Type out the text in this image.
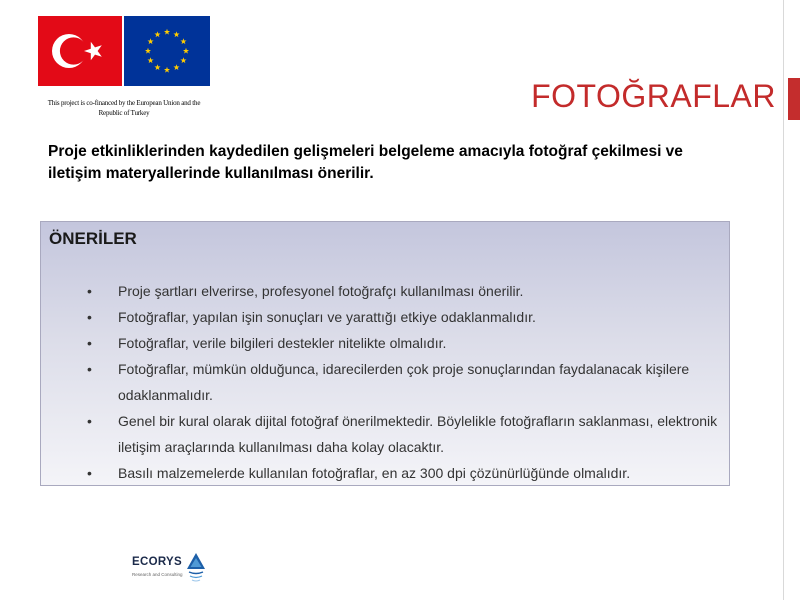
This project is co-financed by the European Union and the
Republic of Turkey	FOTOĞRAFLAR
Proje etkinliklerinden kaydedilen gelişmeleri belgeleme amacıyla fotoğraf çekilmesi ve iletişim materyallerinde kullanılması önerilir.
ÖNERİLER
• Proje şartları elverirse, profesyonel fotoğrafçı kullanılması önerilir.
• Fotoğraflar, yapılan işin sonuçları ve yarattığı etkiye odaklanmalıdır.
• Fotoğraflar, verile bilgileri destekler nitelikte olmalıdır.
• Fotoğraflar, mümkün olduğunca, idarecilerden çok proje sonuçlarından faydalanacak kişilere odaklanmalıdır.
• Genel bir kural olarak dijital fotoğraf önerilmektedir. Böylelikle fotoğrafların saklanması, elektronik iletişim araçlarında kullanılması daha kolay olacaktır.
• Basılı malzemelerde kullanılan fotoğraflar, en az 300 dpi çözünürlüğünde olmalıdır.
ECORYS
Research and Consulting
